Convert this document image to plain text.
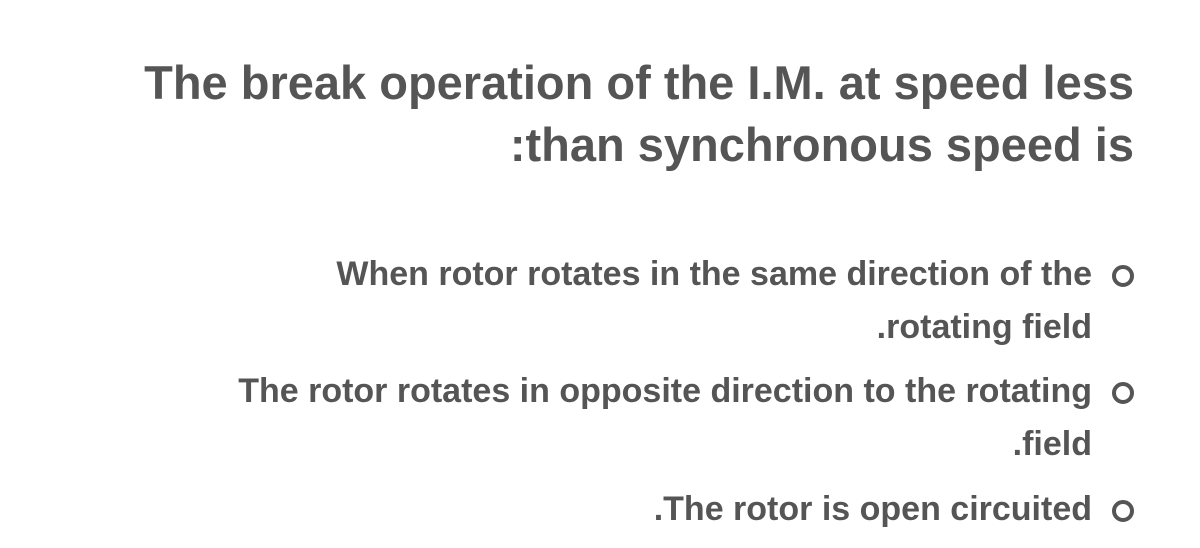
The break operation of the I.M. at speed less
:than synchronous speed is
When rotor rotates in the same direction of the
.rotating field
The rotor rotates in opposite direction to the rotating
.field
.The rotor is open circuited
